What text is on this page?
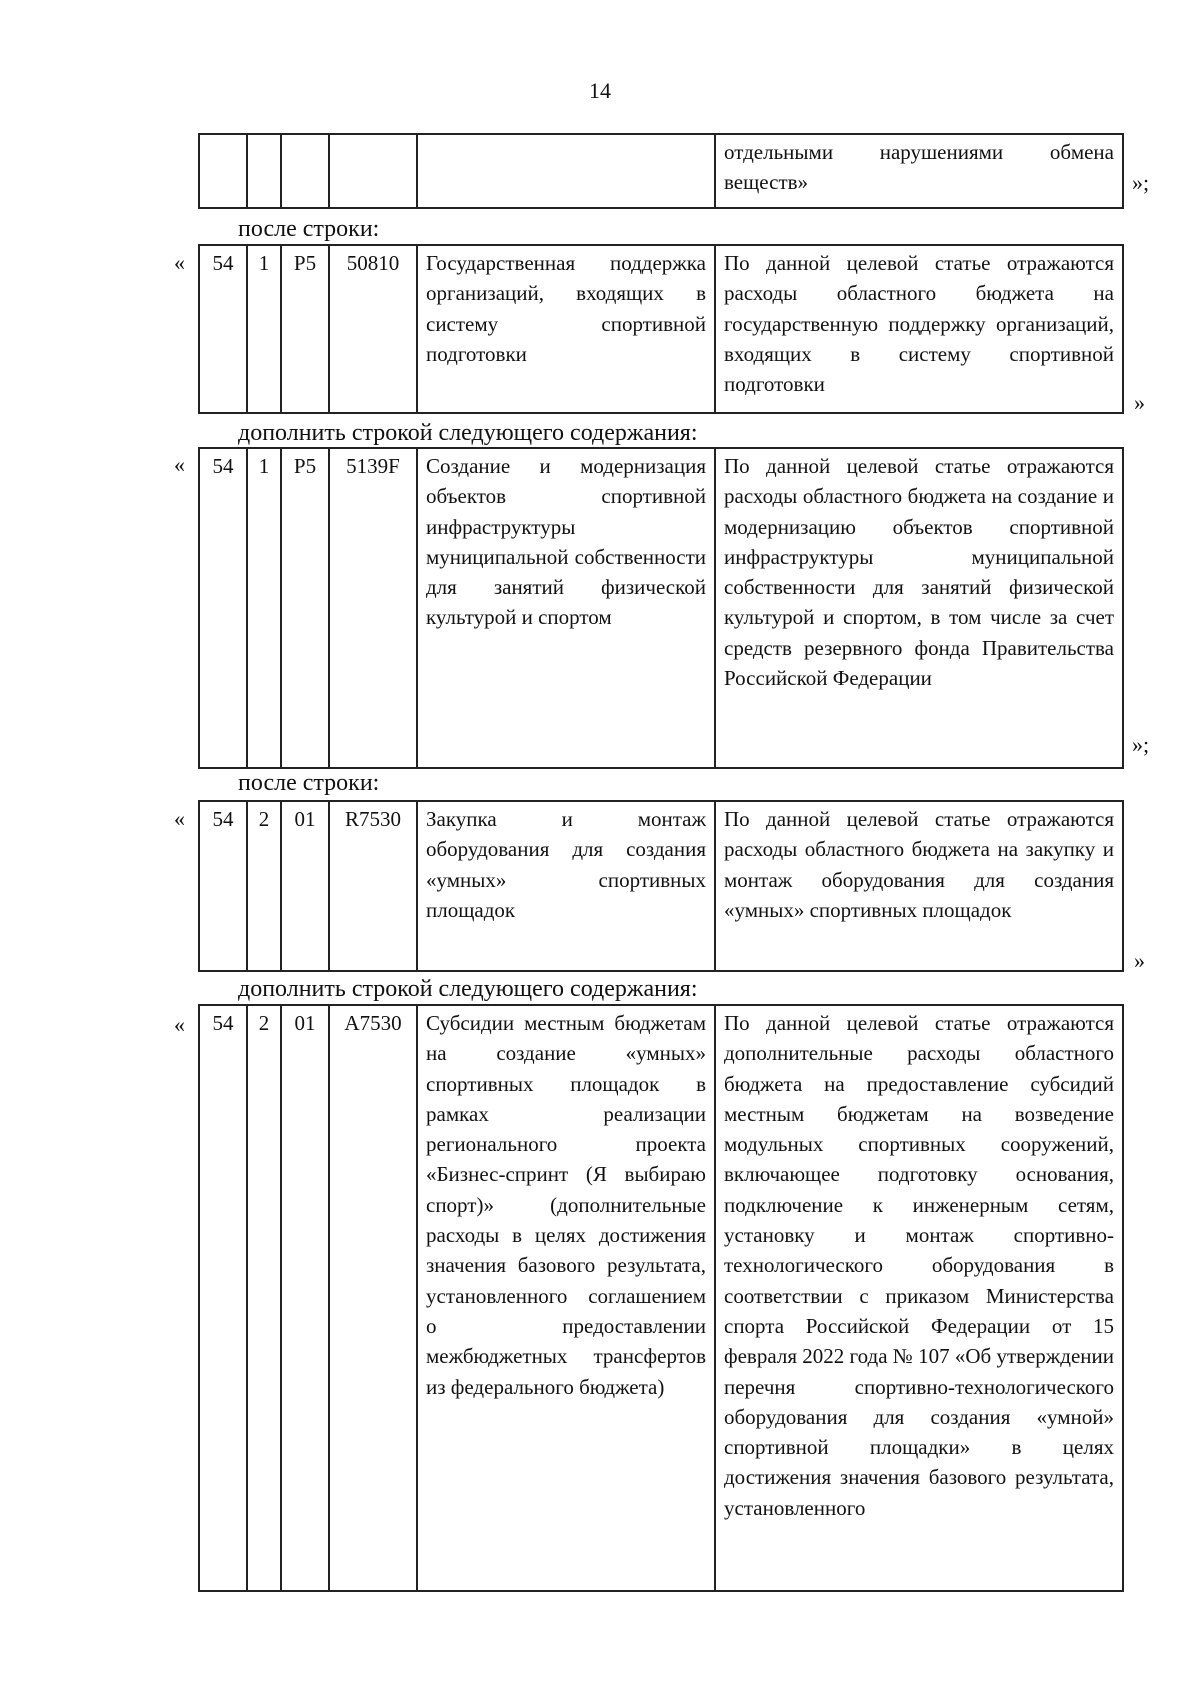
14
					отдельными нарушениями обмена веществ»	»;
после строки:
« 54	1	P5	50810	Государственная поддержка организаций, входящих в систему спортивной подготовки	По данной целевой статье отражаются расходы областного бюджета на государственную поддержку организаций, входящих в систему спортивной подготовки
»
дополнить строкой следующего содержания:
« 54	1	P5	5139F	Создание и модернизация объектов спортивной инфраструктуры муниципальной собственности для занятий физической культурой и спортом	По данной целевой статье отражаются расходы областного бюджета на создание и модернизацию объектов спортивной инфраструктуры муниципальной собственности для занятий физической культурой и спортом, в том числе за счет средств резервного фонда Правительства Российской Федерации
»;
после строки:
« 54	2	01	R7530	Закупка и монтаж оборудования для создания «умных» спортивных площадок	По данной целевой статье отражаются расходы областного бюджета на закупку и монтаж оборудования для создания «умных» спортивных площадок
»
дополнить строкой следующего содержания:
« 54	2	01	A7530	Субсидии местным бюджетам на создание «умных» спортивных площадок в рамках реализации регионального проекта «Бизнес-спринт (Я выбираю спорт)» (дополнительные расходы в целях достижения значения базового результата, установленного соглашением о предоставлении межбюджетных трансфертов из федерального бюджета)	По данной целевой статье отражаются дополнительные расходы областного бюджета на предоставление субсидий местным бюджетам на возведение модульных спортивных сооружений, включающее подготовку основания, подключение к инженерным сетям, установку и монтаж спортивно-технологического оборудования в соответствии с приказом Министерства спорта Российской Федерации от 15 февраля 2022 года № 107 «Об утверждении перечня спортивно-технологического оборудования для создания «умной» спортивной площадки» в целях достижения значения базового результата, установленного
